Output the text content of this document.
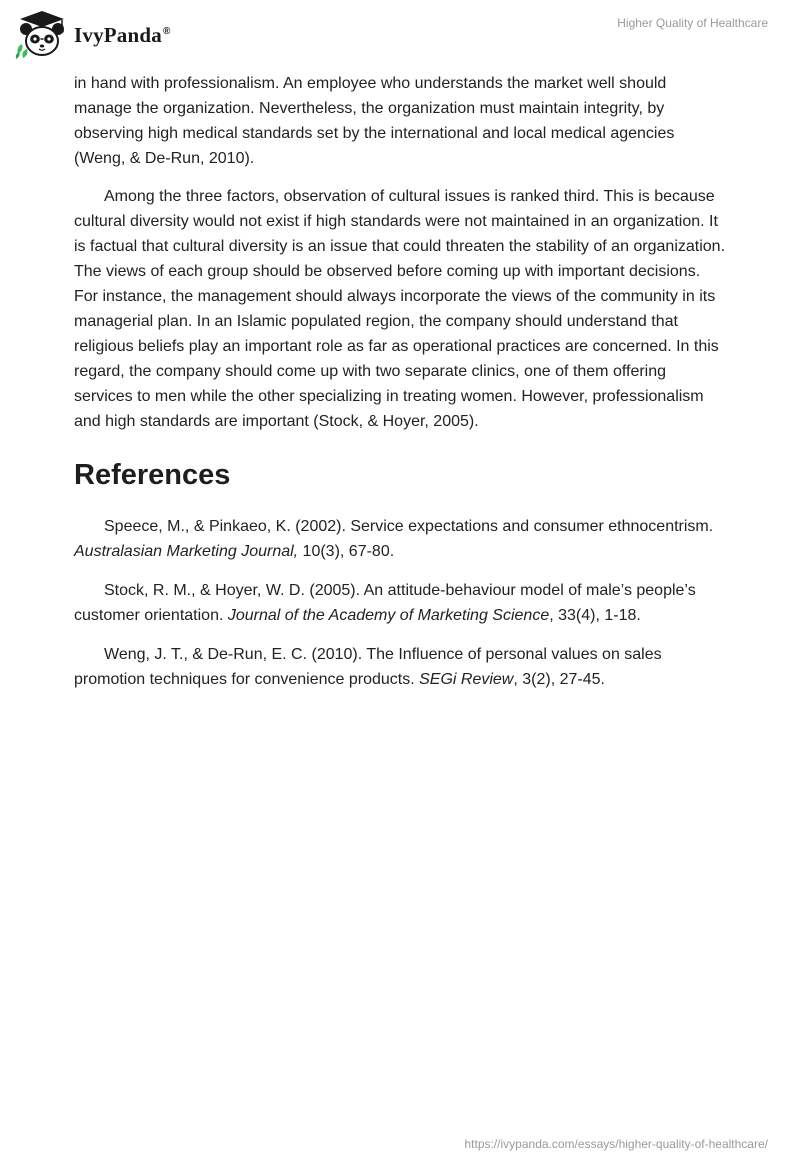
IvyPanda®
Higher Quality of Healthcare

in hand with professionalism. An employee who understands the market well should manage the organization. Nevertheless, the organization must maintain integrity, by observing high medical standards set by the international and local medical agencies (Weng, & De-Run, 2010).

Among the three factors, observation of cultural issues is ranked third. This is because cultural diversity would not exist if high standards were not maintained in an organization. It is factual that cultural diversity is an issue that could threaten the stability of an organization. The views of each group should be observed before coming up with important decisions. For instance, the management should always incorporate the views of the community in its managerial plan. In an Islamic populated region, the company should understand that religious beliefs play an important role as far as operational practices are concerned. In this regard, the company should come up with two separate clinics, one of them offering services to men while the other specializing in treating women. However, professionalism and high standards are important (Stock, & Hoyer, 2005).

References

Speece, M., & Pinkaeo, K. (2002). Service expectations and consumer ethnocentrism. Australasian Marketing Journal, 10(3), 67-80.

Stock, R. M., & Hoyer, W. D. (2005). An attitude-behaviour model of male’s people’s customer orientation. Journal of the Academy of Marketing Science, 33(4), 1-18.

Weng, J. T., & De-Run, E. C. (2010). The Influence of personal values on sales promotion techniques for convenience products. SEGi Review, 3(2), 27-45.

https://ivypanda.com/essays/higher-quality-of-healthcare/
